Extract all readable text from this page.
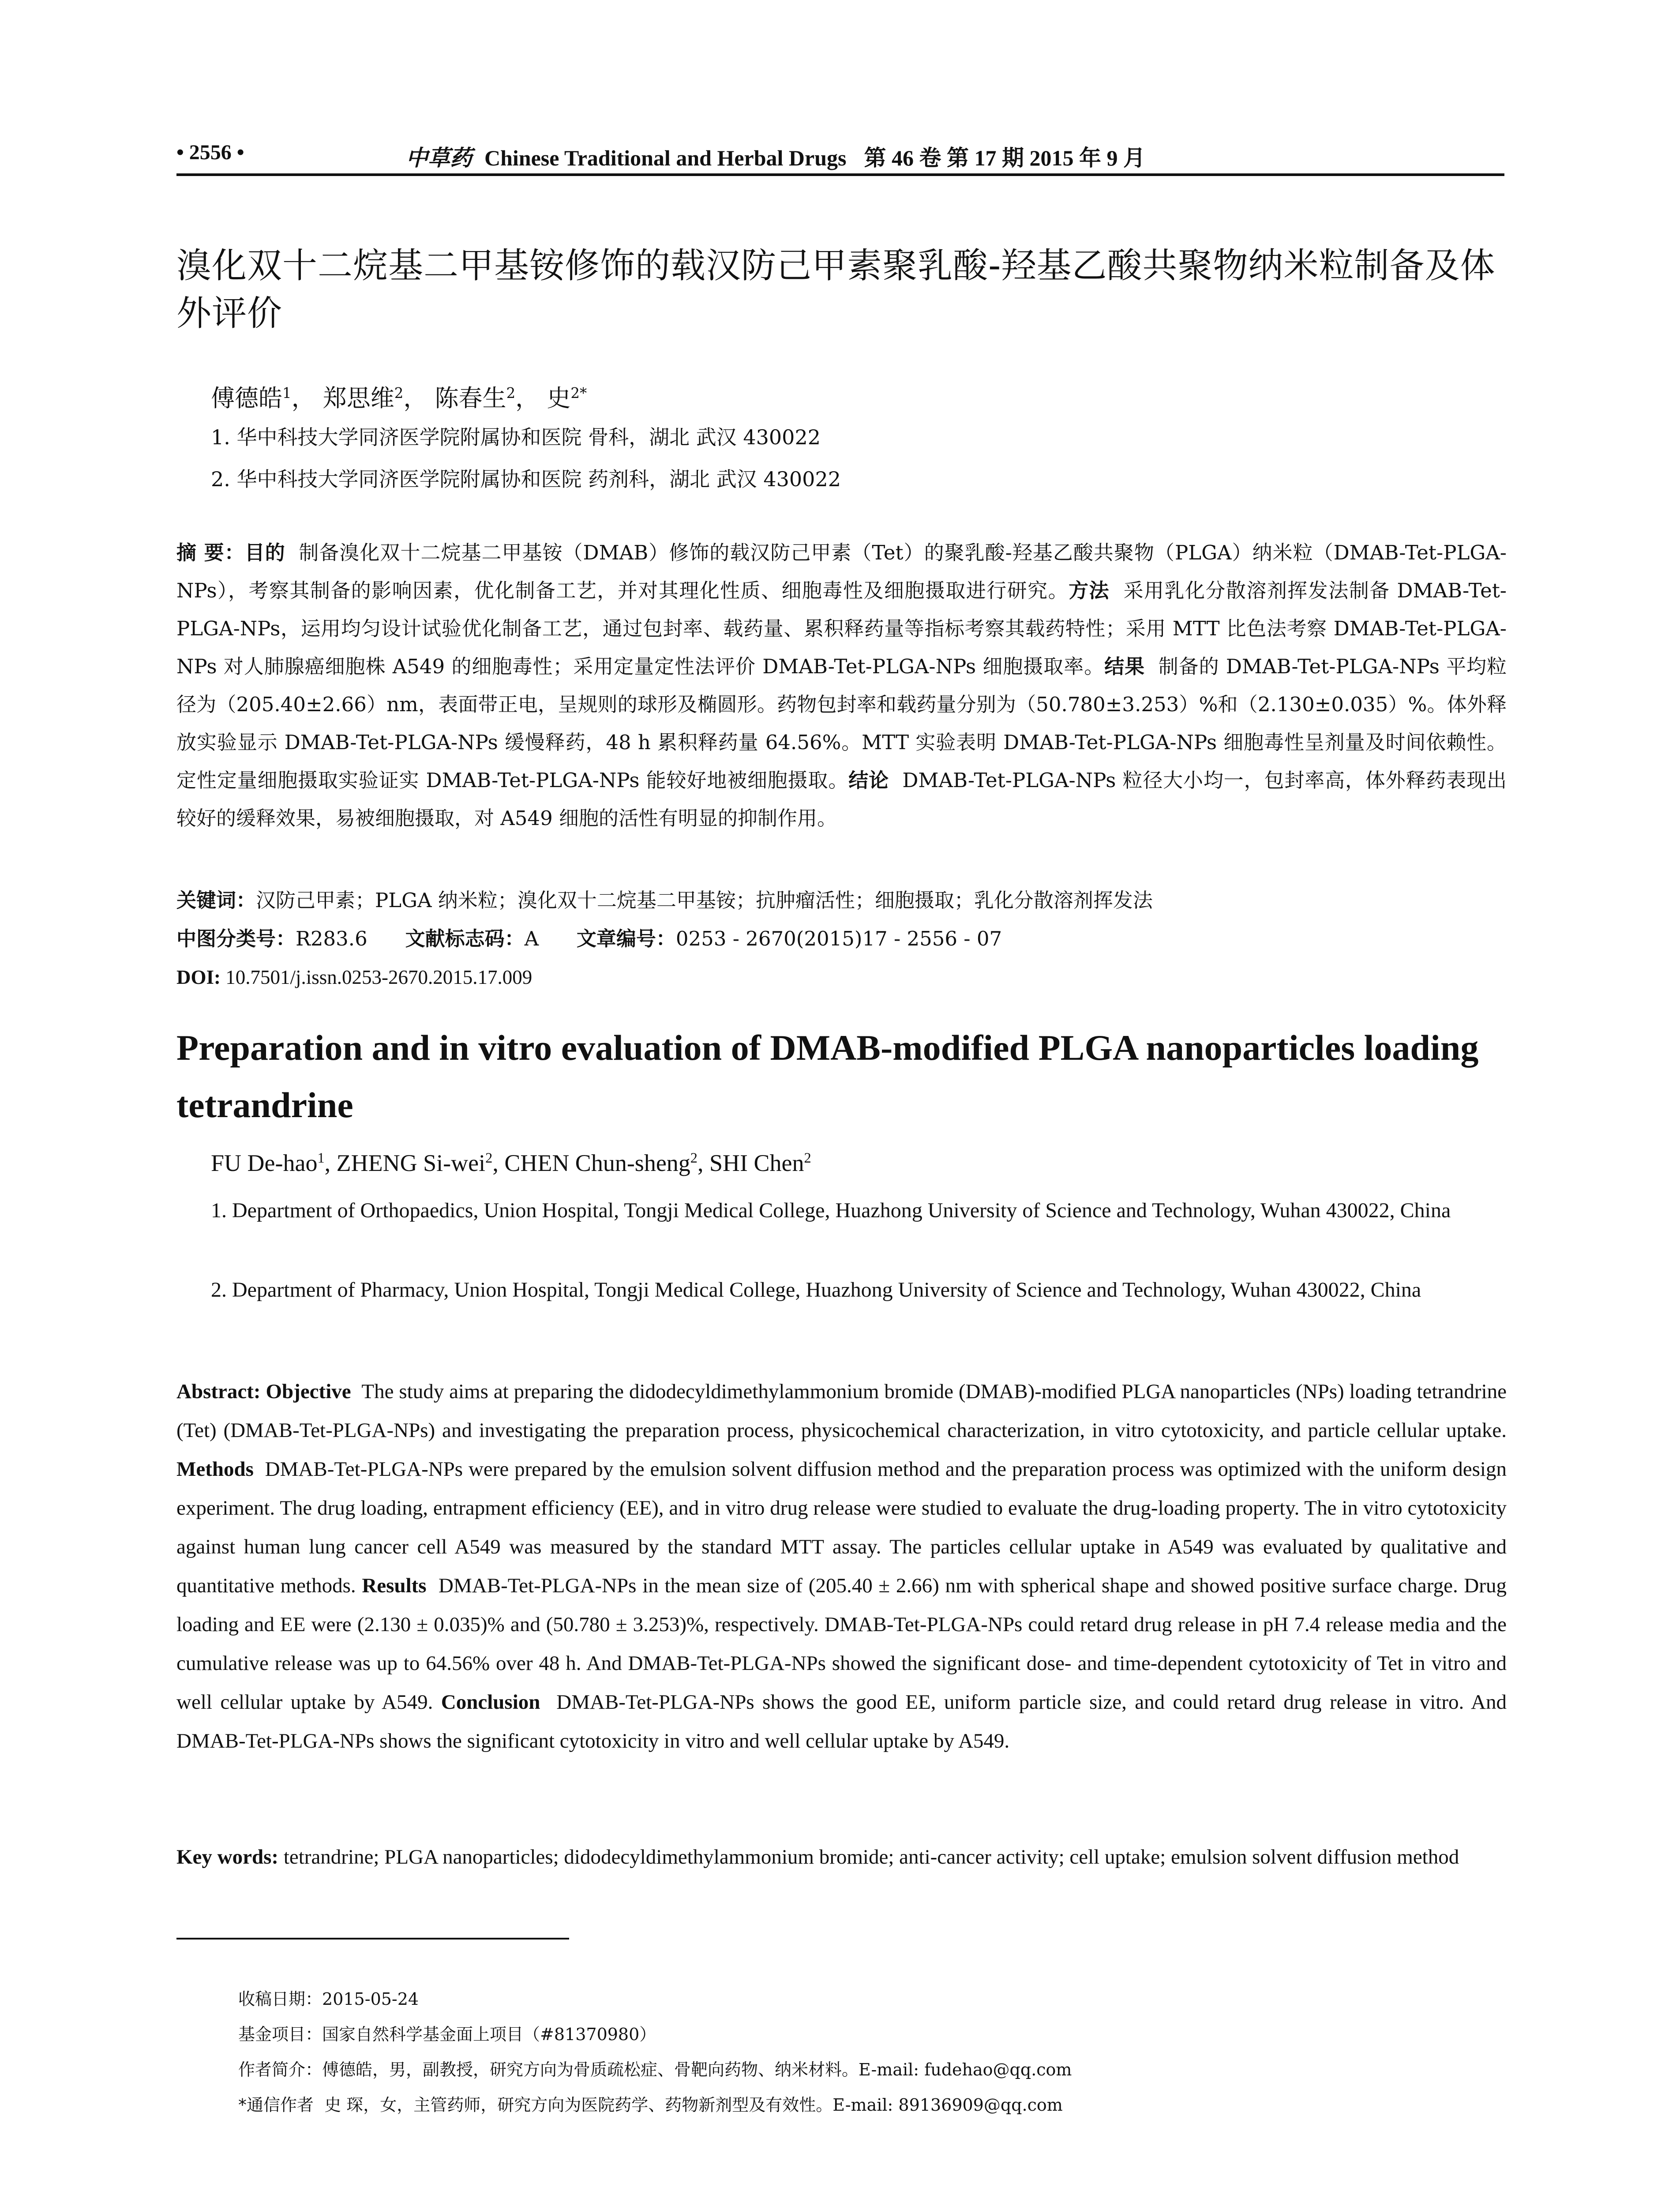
• 2556 •	中草药 Chinese Traditional and Herbal Drugs 第 46 卷 第 17 期 2015 年 9 月
溴化双十二烷基二甲基铵修饰的载汉防己甲素聚乳酸-羟基乙酸共聚物纳米粒制备及体外评价
傅德皓$^1$， 郑思维$^2$， 陈春生$^2$， 史$^{2*}$
1. 华中科技大学同济医学院附属协和医院 骨科，湖北 武汉 430022
2. 华中科技大学同济医学院附属协和医院 药剂科，湖北 武汉 430022
摘 要：目的 制备溴化双十二烷基二甲基铵（DMAB）修饰的载汉防己甲素（Tet）的聚乳酸-羟基乙酸共聚物（PLGA）纳米粒（DMAB-Tet-PLGA-NPs），考察其制备的影响因素，优化制备工艺，并对其理化性质、细胞毒性及细胞摄取进行研究。方法 采用乳化分散溶剂挥发法制备 DMAB-Tet-PLGA-NPs，运用均匀设计试验优化制备工艺，通过包封率、载药量、累积释药量等指标考察其载药特性；采用 MTT 比色法考察 DMAB-Tet-PLGA-NPs 对人肺腺癌细胞株 A549 的细胞毒性；采用定量定性法评价 DMAB-Tet-PLGA-NPs 细胞摄取率。结果 制备的 DMAB-Tet-PLGA-NPs 平均粒径为（205.40±2.66）nm，表面带正电，呈规则的球形及椭圆形。药物包封率和载药量分别为（50.780±3.253）%和（2.130±0.035）%。体外释放实验显示 DMAB-Tet-PLGA-NPs 缓慢释药，48 h 累积释药量 64.56%。MTT 实验表明 DMAB-Tet-PLGA-NPs 细胞毒性呈剂量及时间依赖性。定性定量细胞摄取实验证实 DMAB-Tet-PLGA-NPs 能较好地被细胞摄取。结论 DMAB-Tet-PLGA-NPs 粒径大小均一，包封率高，体外释药表现出较好的缓释效果，易被细胞摄取，对 A549 细胞的活性有明显的抑制作用。
关键词：汉防己甲素；PLGA 纳米粒；溴化双十二烷基二甲基铵；抗肿瘤活性；细胞摄取；乳化分散溶剂挥发法
中图分类号：R283.6 文献标志码：A 文章编号：0253 - 2670(2015)17 - 2556 - 07
DOI: 10.7501/j.issn.0253-2670.2015.17.009
Preparation and in vitro evaluation of DMAB-modified PLGA nanoparticles loading tetrandrine
FU De-hao$^1$, ZHENG Si-wei$^2$, CHEN Chun-sheng$^2$, SHI Chen$^2$
1. Department of Orthopaedics, Union Hospital, Tongji Medical College, Huazhong University of Science and Technology, Wuhan 430022, China
2. Department of Pharmacy, Union Hospital, Tongji Medical College, Huazhong University of Science and Technology, Wuhan 430022, China
Abstract: Objective The study aims at preparing the didodecyldimethylammonium bromide (DMAB)-modified PLGA nanoparticles (NPs) loading tetrandrine (Tet) (DMAB-Tet-PLGA-NPs) and investigating the preparation process, physicochemical characterization, in vitro cytotoxicity, and particle cellular uptake. Methods DMAB-Tet-PLGA-NPs were prepared by the emulsion solvent diffusion method and the preparation process was optimized with the uniform design experiment. The drug loading, entrapment efficiency (EE), and in vitro drug release were studied to evaluate the drug-loading property. The in vitro cytotoxicity against human lung cancer cell A549 was measured by the standard MTT assay. The particles cellular uptake in A549 was evaluated by qualitative and quantitative methods. Results DMAB-Tet-PLGA-NPs in the mean size of (205.40 ± 2.66) nm with spherical shape and showed positive surface charge. Drug loading and EE were (2.130 ± 0.035)% and (50.780 ± 3.253)%, respectively. DMAB-Tet-PLGA-NPs could retard drug release in pH 7.4 release media and the cumulative release was up to 64.56% over 48 h. And DMAB-Tet-PLGA-NPs showed the significant dose- and time-dependent cytotoxicity of Tet in vitro and well cellular uptake by A549. Conclusion DMAB-Tet-PLGA-NPs shows the good EE, uniform particle size, and could retard drug release in vitro. And DMAB-Tet-PLGA-NPs shows the significant cytotoxicity in vitro and well cellular uptake by A549.
Key words: tetrandrine; PLGA nanoparticles; didodecyldimethylammonium bromide; anti-cancer activity; cell uptake; emulsion solvent diffusion method
收稿日期：2015-05-24
基金项目：国家自然科学基金面上项目（#81370980）
作者简介：傅德皓，男，副教授，研究方向为骨质疏松症、骨靶向药物、纳米材料。E-mail: fudehao@qq.com
*通信作者 史 琛，女，主管药师，研究方向为医院药学、药物新剂型及有效性。E-mail: 89136909@qq.com
